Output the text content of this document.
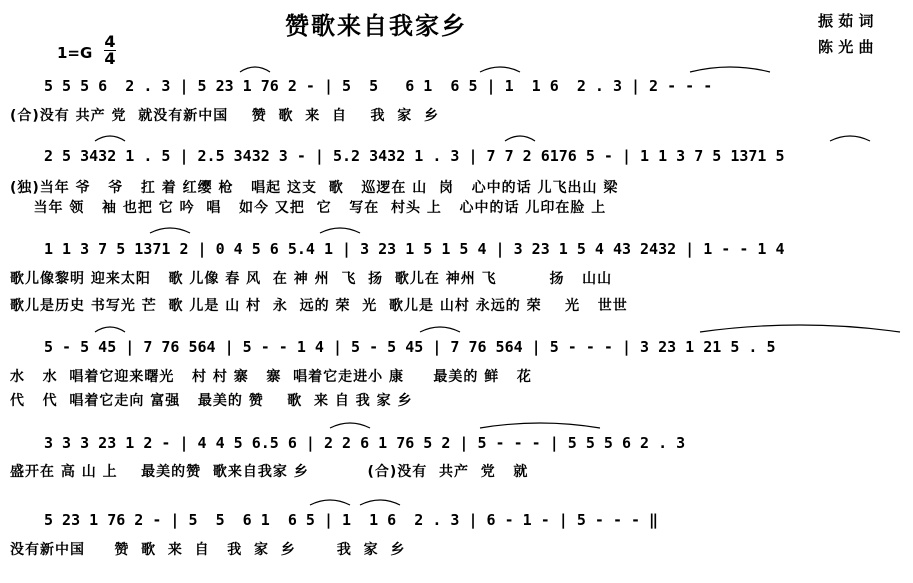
赞歌来自我家乡	振 茹 词
陈 光 曲
1=G
4
4
5 5 5 6  2 . 3 | 5 23 1 76 2 - | 5  5   6 1  6 5 | 1  1 6  2 . 3 | 2 - - -
(合)没有 共产 党  就没有新中国    赞  歌  来  自    我  家  乡
2 5 3432 1 . 5 | 2.5 3432 3 - | 5.2 3432 1 . 3 | 7 7 2 6176 5 - | 1 1 3 7 5 1371 5
(独)当年 爷   爷   扛 着 红缨 枪   唱起 这支  歌   巡逻在 山  岗   心中的话 儿飞出山 梁
当年 领   袖 也把 它 吟  唱   如今 又把  它   写在  村头 上   心中的话 儿印在脸 上
1 1 3 7 5 1371 2 | 0 4 5 6 5.4 1 | 3 23 1 5 1 5 4 | 3 23 1 5 4 43 2432 | 1 - - 1 4
歌儿像黎明 迎来太阳   歌 儿像 春 风  在 神 州  飞  扬  歌儿在 神州 飞         扬   山山
歌儿是历史 书写光 芒  歌 儿是 山 村  永  远的 荣  光  歌儿是 山村 永远的 荣    光   世世
5 - 5 45 | 7 76 564 | 5 - - 1 4 | 5 - 5 45 | 7 76 564 | 5 - - - | 3 23 1 21 5 . 5
水   水  唱着它迎来曙光   村 村 寨   寨  唱着它走进小 康     最美的 鲜   花
代   代  唱着它走向 富强   最美的 赞    歌  来 自 我 家 乡
3 3 3 23 1 2 - | 4 4 5 6.5 6 | 2 2 6 1 76 5 2 | 5 - - - | 5 5 5 6 2 . 3
盛开在 高 山 上    最美的赞  歌来自我家 乡          (合)没有  共产  党   就
5 23 1 76 2 - | 5  5  6 1  6 5 | 1  1 6  2 . 3 | 6 - 1 - | 5 - - - ‖
没有新中国     赞  歌  来  自   我  家  乡       我  家  乡
